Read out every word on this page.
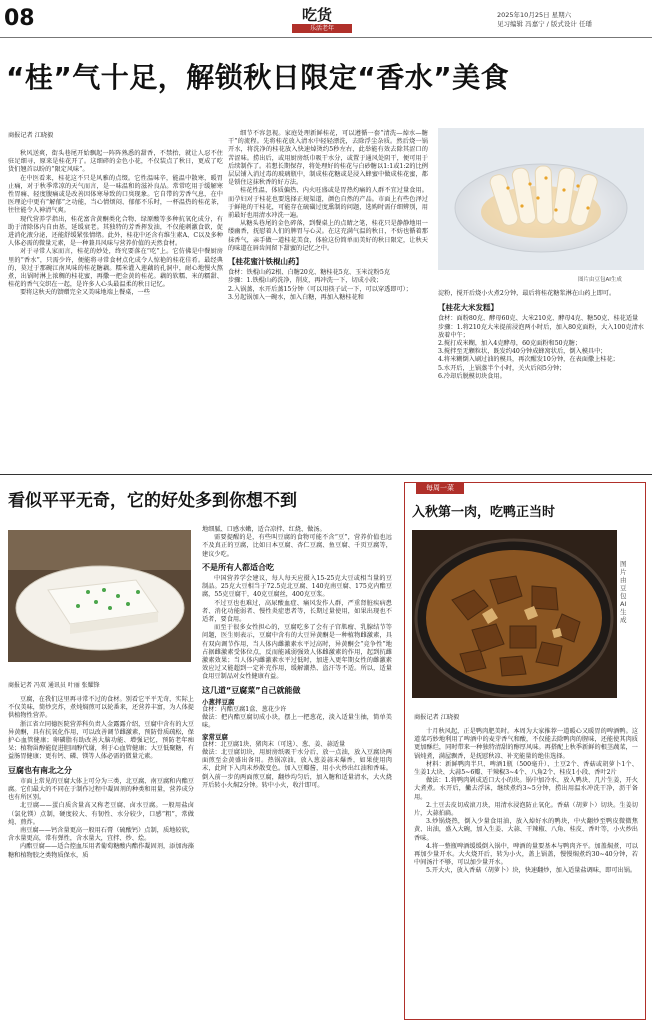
08	吃货
乐活老年
2025年10月25日 星期六
见习编辑 冯嘉宁 / 版式设计 任璠
“桂”气十足，解锁秋日限定“香水”美食
商报记者 江晓毅

秋风送爽，街头巷尾开始飘起一阵阵熟悉的甜香，不禁抬，就让人忍不住驻足细寻，原来是桂花开了。这细碎的金色小花，不仅装点了秋日，更成了吃货们翘首以盼的“限定风味”。

在中医看来，桂花这不只是风雅的点缀。它性温味辛，能温中散寒，暖胃止痛，对于秋季常凉的天气而言，是一味温和的滋补良品。常常吃用于缓解寒性胃痛、轻度腹痛或是改善因体寒导致的口臭现象。它自带的芳香气息，在中医理论中更有“解郁”之功能，当心情烦闷、郁郁不乐时，一杯温热的桂花茶，往往能令人神清气爽。

现代营养学指出，桂花富含黄酮类化合物、绿原酸等多种抗氧化成分，有助于清除体内自由基，延缓衰老。其独特的芳香挥发油，不仅能刺激食欲，促进消化液分泌，还能舒缓紧张情绪。此外，桂花中还含有维生素A、C以及多种人体必需的微量元素，是一种兼具风味与营养价值的天然食材。

对于寻常人家而言，桂花的妙处，终究要落在“吃”上。它仿佛是中餐厨房里的“香水”，只需少许，便能将寻常食材点化成令人惊艳的桂花佳肴。最经典的，莫过于那碗江南风味的桂花糖藕。糯米灌入莲藕的孔洞中，耐心地慢火熬煮，出锅时淋上浓稠的桂花蜜，再撒一把金黄的桂花。藕的软糯、米的糯甜、桂花的香气交织在一起，是许多人心头最温柔的秋日记忆。

要将这秋天的馈赠完全又美味地端上餐桌，一些

细节不容忽视。家庭处理新鲜桂花，可以遵循一套“清洗—焯水—糖干”的流程。先将桂花放入清水中轻轻漂洗，去除浮尘杂质。然后烧一锅开水，将洗净的桂花放入快速焯烫约5秒左右，此举能有效去除其涩口的苦涩味。捞出后，或用厨房纸巾吸干水分，或置于通风处阴干，便可用于后续制作了。若想长期保存，将处理好的桂花与白砂糖以1:1或1:2的比例层层铺入消过毒的玻璃瓶中，制成桂花糖或是浸入蜂蜜中做成桂花蜜，都是锁住这抹秋香的好方法。

桂花性温，体质偏热、内火旺盛或是胃热灼痛的人群不宜过量食用。而孕妇对于桂花也要选择正规渠道，颜色自然的产品。市面上有些色泽过于鲜艳的干桂花，可能存在硫磺过度熏制的问题，选购时需仔细辨别，用前最好也用清水冲洗一遍。

从糖头巷尾的金色碎落，到餐桌上的点睛之笔，桂花只是静静地用一缕幽香，抚慰着人们的脾胃与心灵。在这充满气温的秋日，不妨也循着那抹香气，亲手做一道桂花美食，体验这份简单而美好的秋日限定，让秋天的味道在唇齿间留下甜蜜的记忆之中。

【桂花蜜汁铁棍山药】
食材：铁棍山药2根、白糖20克、糖桂花5克、玉米淀粉5克
步骤：1.铁棍山药洗净，削皮，再冲洗一下，切成小段；
2.入锅蒸，水开后蒸15分钟（可以用筷子试一下，可以穿透即可）；
3.另起锅加入一碗水，加入白糖，再加入糖桂花和
图片由豆包AI生成
淀粉，搅开后烧小火煮2分钟，最后将桂花糖浆淋在山药上即可。
【桂花大米发糕】
食材：面粉80克、酵母60克、大米210克、酵母4克、糖50克、桂花适量
步骤：1.将210克大米提前浸泡两小时后，加入80克面粉，大入100克清水放着中午；
2.搅打成米糊，加入4克酵母，60克面粉和50克糖；
3.搅拌至无颗粒状，既发约40分钟成蜂窝状后，倒入模具中；
4.将米糊倒入刷过油的模具，再次醒发10分钟，在表面撒上桂花；
5.水开后，上锅蒸半个小时，关火后闷5分钟；
6.冷却后脱模切块食用。
看似平平无奇，它的好处多到你想不到
商报记者 冯双 通讯员 叶丽 张耀锋

豆腐，在我们这里再寻常不过的食材。别看它平平无奇，实际上不仅美味，简炒烹炸，煮炖焖煎可以轮番来，还营养丰富，为人体提供植物性营养。

浙江省立同德医院营养科负责人金露露介绍，豆腐中含有的大豆异黄酮，具有抗氧化作用，可以改善调节雌激素，预防骨质疏松，保护心血管健康；卵磷脂有助改善大脑功能、增强记忆，预防老年痴呆；植物甾醇能促进胆固醇代谢，利于心血管健康；大豆低聚糖，有益肠胃健康；更有钙、磷、镁等人体必需的微量元素。

豆腐也有南北之分

市面上常见的豆腐大体上可分为三类，北豆腐、南豆腐和内酯豆腐。它们最大的不同在于制作过程中凝固剂的种类和用量，营养成分也有所区别。

北豆腐——蛋白质含量高又称老豆腐、卤水豆腐。一般用盐卤（氯化镁）点制，硬度较大、有韧性、水分较少，口感“粗”，常做炖、煎炸。

南豆腐——钙含量更高一般用石膏（硫酸钙）点制，质地较软，含水量更高，常有弹性，含水量大，宜拌、炒、烩。

内酯豆腐——适合控血压用者葡萄糖酸内酯作凝固剂，添加海藻糖和植物胶之类物质保水，质

地细腻、口感水嫩，适合凉拌、红烧、做汤。

需要提醒的是，有些叫豆腐的食物可能不含“豆”，营养价值也远不及真正的豆腐，比如日本豆腐、杏仁豆腐、鱼豆腐、千页豆腐等，建议少吃。

不是所有人都适合吃

中国营养学会建议，每人每天应摄入15-25克大豆或相当量的豆制品。25克大豆相当于72.5克北豆腐、140克南豆腐、175克内酯豆腐，55克豆腐干，40克豆腐丝，400克豆浆。

不过豆也也难过，高尿酸血症、痛风发作人群，严重肾脏疾病患者、消化功能弱者、慢性炎症患者等，长期过量使用，如果出现也不适者，要食用。

而至于很多女性担心的，豆腐吃多了会有子宫肌瘤、乳腺结节等问题，医生则表示，豆腐中含有的大豆异黄酮是一种植物雌激素，具有双向调节作用，当人体内雌激素水平过高时，异黄酮会“竞争性”地占据雌激素受体位点，反而能减弱强效人体雌激素的作用，起到抗雌激素效果；当人体内雌激素水平过低时，加进入更年期女性的雌激素效应过又能超到一定补充作用，缓解潮热、盗汗等不适。所以，适量食用豆制品对女性健康有益。

这几道“豆腐菜”自己就能做
小葱拌豆腐
食材：内酯豆腐1盒、葱花少许
做法：把内酯豆腐切成小块，摆上一把葱花，淡入适量生抽，简单美味。
家常豆腐
食材：北豆腐1块、猪肉末（可选）、葱、姜、蒜适量
做法：北豆腐切块，用厨房纸吸干水分后，放一点油，放入豆腐块两面煎至金黄盛出备用。热锅凉油，放入葱姜蒜末爆香，如果使用肉末，此时下入肉末炒散变色。加入豆瓣酱，用小火炒出红油和香味。倒入前一步的两面煎豆腐，翻炒均匀后，加入糖和适量清水，大火烧开后转小火焖2分钟。转中小火，收汁即可。
每周一菜
入秋第一肉，吃鸭正当时
图片由豆包AI生成
商报记者 江晓毅

十月秋风起，正是鸭肉肥美时。本周为大家推荐一道暖心又暖胃的啤酒鸭。这道菜巧妙地利用了啤酒中的麦芽香气和酸，不仅能去除鸭肉的腥味，还能使其肉质更加酥烂，同时带来一种独特清甜的醇厚风味。再搭配上秋季新鲜的根茎蔬菜，一锅炖煮，满屋飘香，是抚慰秋凉、补充能量的绝佳选择。

材料：新鲜鸭肉半只、啤酒1瓶（500毫升）、土豆2个、香菇或胡萝卜1个、生姜1大块、大蒜5~6瓣、干辣椒3~4个、八角2个、桂皮1小段、香叶2片

做法：1.将鸭肉剁成适口大小的块。锅中加冷水，放入鸭块、几片生姜，开火大煮煮。水开后，撇去浮沫，继续煮约3~5分钟，捞出用温水冲洗干净，沥干备用。

2.土豆去皮切成滚刀块，用清水浸泡防止氧化。香菇（胡萝卜）切块。生姜切片，大蒜拍扁。

3.炒锅烧热，倒入少量食用油，放入焯好水的鸭块，中火翻炒至鸭皮微微焦黄、出油，盛入大碗，加入生姜、大蒜、干辣椒、八角、桂皮、香叶等，小火炒出香味。

4.将一整瓶啤酒缓缓倒入锅中，啤酒的量要基本与鸭肉齐平。加盖焖煮，可以再加少量开水。大火烧开后，转为小火，盖上锅盖，慢慢焖煮约30~40分钟，若中间汤汁不够，可以加少量开水。

5.开大火，放入香菇（胡萝卜）块，快速翻炒，加入适量盐调味，即可出锅。
